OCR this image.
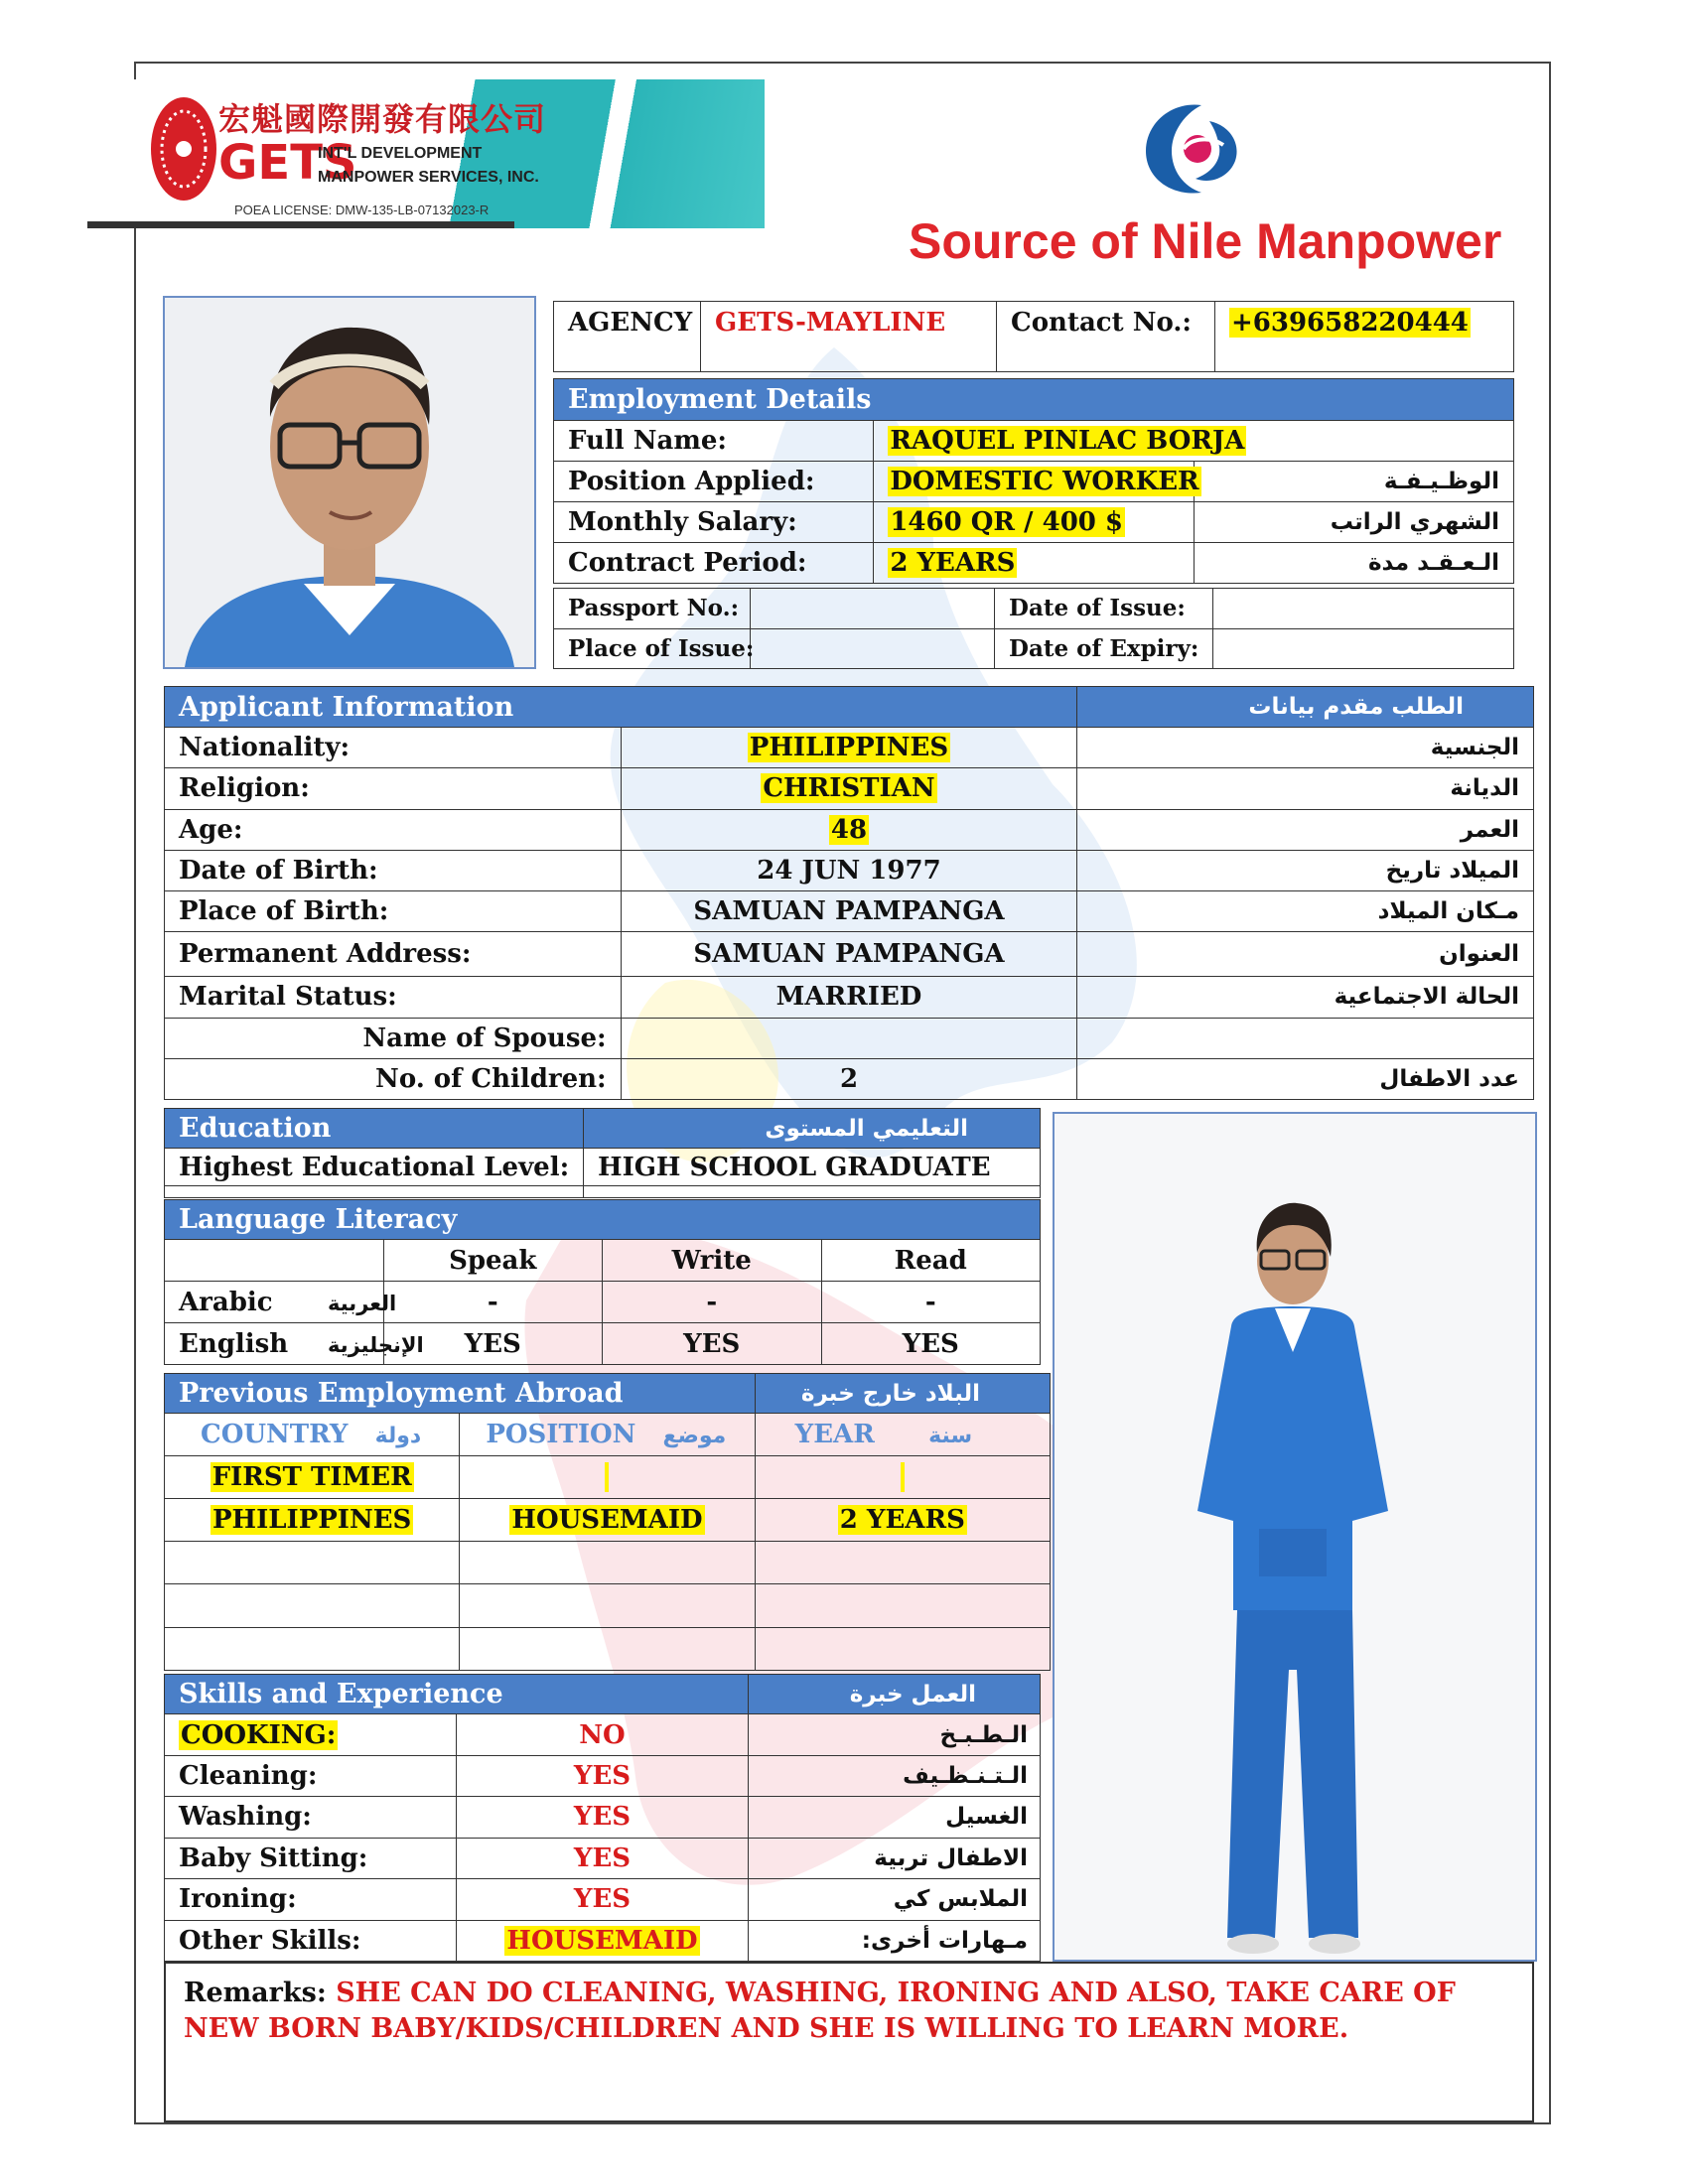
宏魁國際開發有限公司
GETS
INT'L DEVELOPMENT
MANPOWER SERVICES, INC.
POEA LICENSE: DMW-135-LB-07132023-R
Source of Nile Manpower
AGENCY	GETS-MAYLINE	Contact No.:	+639658220444
Employment Details		
Full Name:	RAQUEL PINLAC BORJA	
Position Applied:	DOMESTIC WORKER	الوظـيـفـة
Monthly Salary:	1460 QR / 400 $	الشهري الراتب
Contract Period:	2 YEARS	الـعـقـد مدة
Passport No.:		Date of Issue:	
Place of Issue:		Date of Expiry:	
Applicant Information		الطلب مقدم بيانات
Nationality:	PHILIPPINES	الجنسية
Religion:	CHRISTIAN	الديانة
Age:	48	العمر
Date of Birth:	24 JUN 1977	الميلاد تاريخ
Place of Birth:	SAMUAN PAMPANGA	مـكان الميلاد
Permanent Address:	SAMUAN PAMPANGA	العنوان
Marital Status:	MARRIED	الحالة الاجتماعية
Name of Spouse:		
No. of Children:	2	عدد الاطفال
Education	التعليمي المستوى
Highest Educational Level:	HIGH SCHOOL GRADUATE

Language Literacy			
	Speak	Write	Read
Arabic العربية	-	-	-
English الإنجليزية	YES	YES	YES
Previous Employment Abroad		البلاد خارج خبرة
COUNTRY دولة	POSITION موضع	YEAR سنة
FIRST TIMER		
PHILIPPINES	HOUSEMAID	2 YEARS

Skills and Experience		العمل خبرة
COOKING:	NO	الـطـبـخ
Cleaning:	YES	الـتـنـظـيف
Washing:	YES	الغسيل
Baby Sitting:	YES	الاطفال تربية
Ironing:	YES	الملابس كي
Other Skills:	HOUSEMAID	مـهارات أخرى:
Remarks: SHE CAN DO CLEANING, WASHING, IRONING AND ALSO, TAKE CARE OF NEW BORN BABY/KIDS/CHILDREN AND SHE IS WILLING TO LEARN MORE.
